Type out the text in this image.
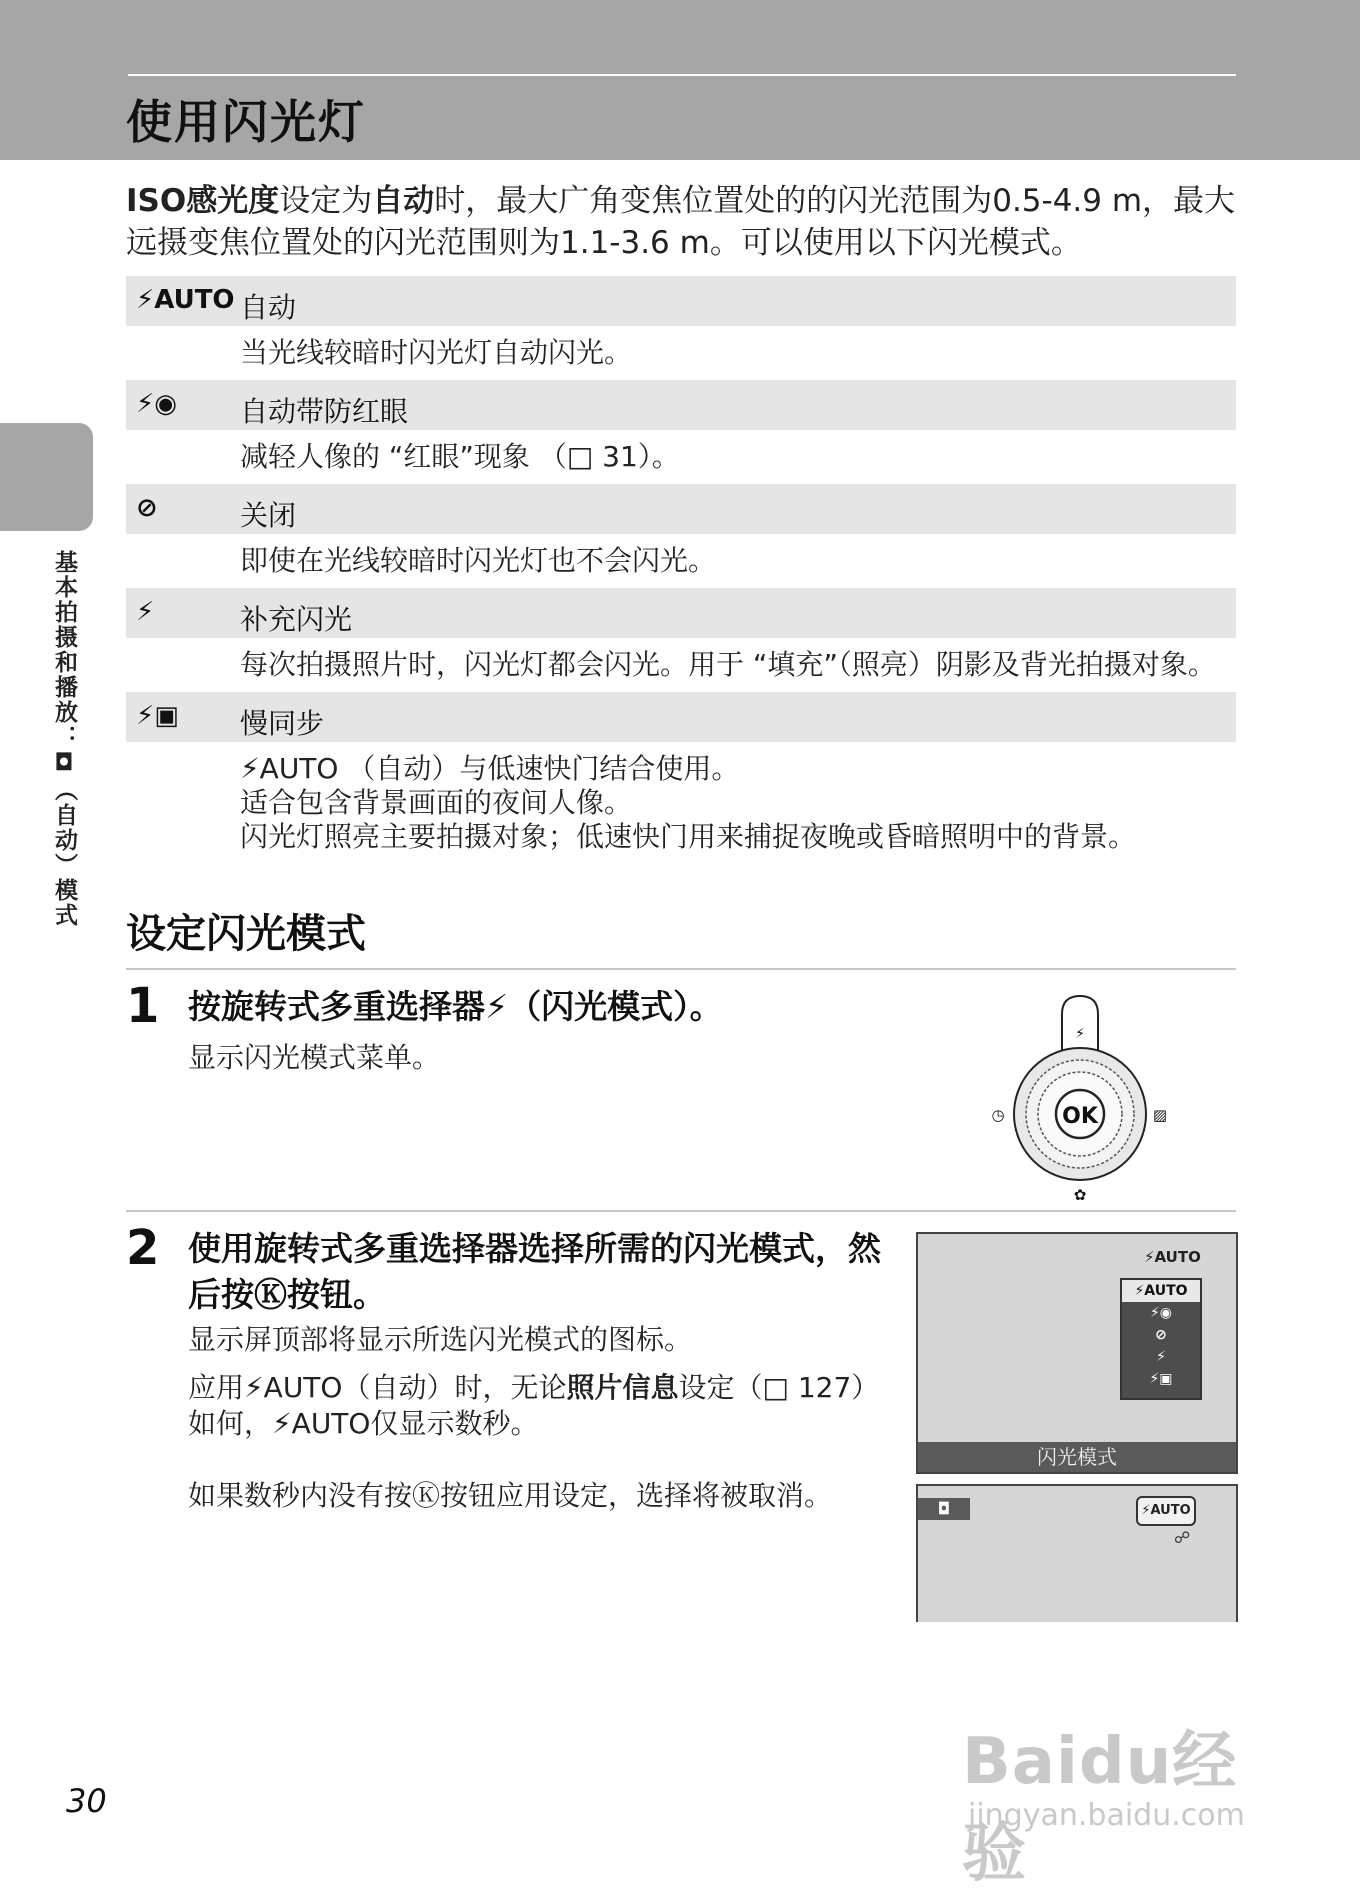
使用闪光灯
ISO感光度设定为自动时，最大广角变焦位置处的的闪光范围为0.5-4.9 m，最大远摄变焦位置处的闪光范围则为1.1-3.6 m。可以使用以下闪光模式。
基本拍摄和播放：◘（自动）模式
⚡AUTO 自动
当光线较暗时闪光灯自动闪光。
⚡◉ 自动带防红眼
减轻人像的 “红眼”现象 （□ 31）。
⊘	关闭
即使在光线较暗时闪光灯也不会闪光。
⚡	补充闪光
每次拍摄照片时，闪光灯都会闪光。用于 “填充”（照亮）阴影及背光拍摄对象。
⚡▣ 慢同步
⚡AUTO （自动）与低速快门结合使用。
适合包含背景画面的夜间人像。
闪光灯照亮主要拍摄对象；低速快门用来捕捉夜晚或昏暗照明中的背景。
设定闪光模式
1 按旋转式多重选择器⚡（闪光模式）。
显示闪光模式菜单。
OK
⚡
◷	▨
✿
2 使用旋转式多重选择器选择所需的闪光模式，然后按Ⓚ按钮。
显示屏顶部将显示所选闪光模式的图标。
应用⚡AUTO（自动）时，无论照片信息设定（□ 127）如何，⚡AUTO仅显示数秒。
如果数秒内没有按Ⓚ按钮应用设定，选择将被取消。
⚡AUTO
⚡AUTO
⚡◉
⊘
⚡
⚡▣
闪光模式
◘	⚡AUTO
☍
Baidu经验
jingyan.baidu.com
30
